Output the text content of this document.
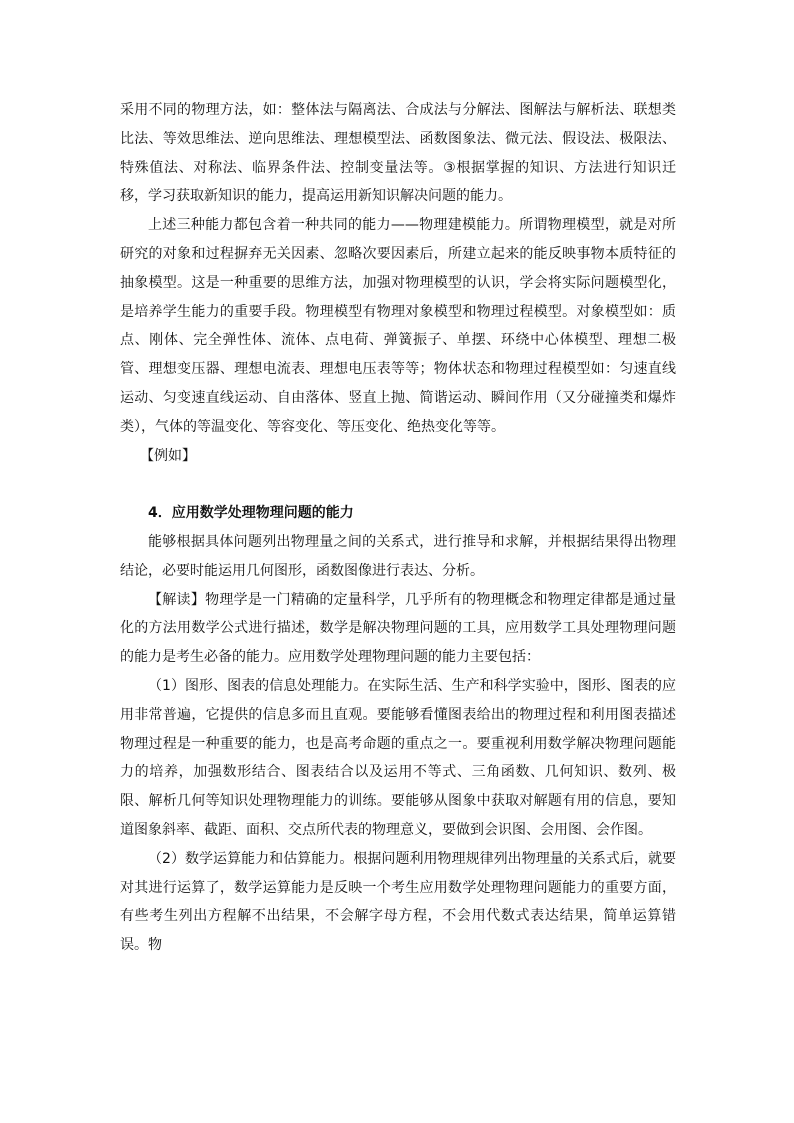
采用不同的物理方法，如：整体法与隔离法、合成法与分解法、图解法与解析法、联想类比法、等效思维法、逆向思维法、理想模型法、函数图象法、微元法、假设法、极限法、特殊值法、对称法、临界条件法、控制变量法等。③根据掌握的知识、方法进行知识迁移，学习获取新知识的能力，提高运用新知识解决问题的能力。

上述三种能力都包含着一种共同的能力——物理建模能力。所谓物理模型，就是对所研究的对象和过程摒弃无关因素、忽略次要因素后，所建立起来的能反映事物本质特征的抽象模型。这是一种重要的思维方法，加强对物理模型的认识，学会将实际问题模型化，是培养学生能力的重要手段。物理模型有物理对象模型和物理过程模型。对象模型如：质点、刚体、完全弹性体、流体、点电荷、弹簧振子、单摆、环绕中心体模型、理想二极管、理想变压器、理想电流表、理想电压表等等；物体状态和物理过程模型如：匀速直线运动、匀变速直线运动、自由落体、竖直上抛、简谐运动、瞬间作用（又分碰撞类和爆炸类），气体的等温变化、等容变化、等压变化、绝热变化等等。

【例如】

4．应用数学处理物理问题的能力

能够根据具体问题列出物理量之间的关系式，进行推导和求解，并根据结果得出物理结论，必要时能运用几何图形，函数图像进行表达、分析。

【解读】物理学是一门精确的定量科学，几乎所有的物理概念和物理定律都是通过量化的方法用数学公式进行描述，数学是解决物理问题的工具，应用数学工具处理物理问题的能力是考生必备的能力。应用数学处理物理问题的能力主要包括：

（1）图形、图表的信息处理能力。在实际生活、生产和科学实验中，图形、图表的应用非常普遍，它提供的信息多而且直观。要能够看懂图表给出的物理过程和利用图表描述物理过程是一种重要的能力，也是高考命题的重点之一。要重视利用数学解决物理问题能力的培养，加强数形结合、图表结合以及运用不等式、三角函数、几何知识、数列、极限、解析几何等知识处理物理能力的训练。要能够从图象中获取对解题有用的信息，要知道图象斜率、截距、面积、交点所代表的物理意义，要做到会识图、会用图、会作图。

（2）数学运算能力和估算能力。根据问题利用物理规律列出物理量的关系式后，就要对其进行运算了，数学运算能力是反映一个考生应用数学处理物理问题能力的重要方面，有些考生列出方程解不出结果，不会解字母方程，不会用代数式表达结果，简单运算错误。物
